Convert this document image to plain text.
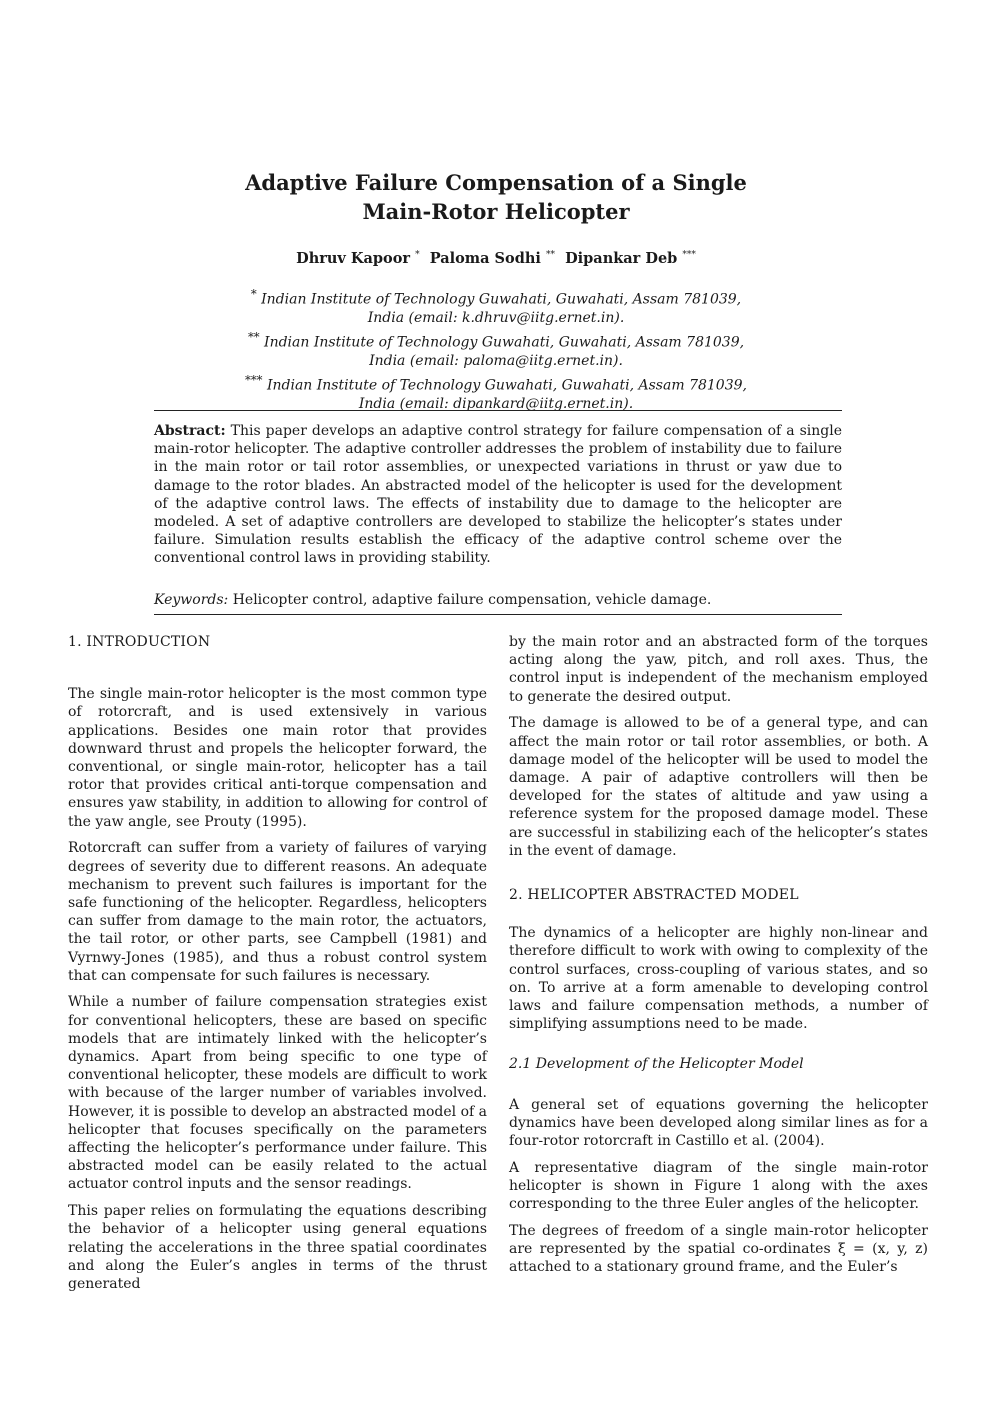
Adaptive Failure Compensation of a Single
Main-Rotor Helicopter
Dhruv Kapoor * Paloma Sodhi ** Dipankar Deb ***
* Indian Institute of Technology Guwahati, Guwahati, Assam 781039,
India (email: k.dhruv@iitg.ernet.in).
** Indian Institute of Technology Guwahati, Guwahati, Assam 781039,
India (email: paloma@iitg.ernet.in).
*** Indian Institute of Technology Guwahati, Guwahati, Assam 781039,
India (email: dipankard@iitg.ernet.in).
Abstract: This paper develops an adaptive control strategy for failure compensation of a single main-rotor helicopter. The adaptive controller addresses the problem of instability due to failure in the main rotor or tail rotor assemblies, or unexpected variations in thrust or yaw due to damage to the rotor blades. An abstracted model of the helicopter is used for the development of the adaptive control laws. The effects of instability due to damage to the helicopter are modeled. A set of adaptive controllers are developed to stabilize the helicopter’s states under failure. Simulation results establish the efficacy of the adaptive control scheme over the conventional control laws in providing stability.
Keywords: Helicopter control, adaptive failure compensation, vehicle damage.

1. INTRODUCTION

The single main-rotor helicopter is the most common type of rotorcraft, and is used extensively in various applications. Besides one main rotor that provides downward thrust and propels the helicopter forward, the conventional, or single main-rotor, helicopter has a tail rotor that provides critical anti-torque compensation and ensures yaw stability, in addition to allowing for control of the yaw angle, see Prouty (1995).

Rotorcraft can suffer from a variety of failures of varying degrees of severity due to different reasons. An adequate mechanism to prevent such failures is important for the safe functioning of the helicopter. Regardless, helicopters can suffer from damage to the main rotor, the actuators, the tail rotor, or other parts, see Campbell (1981) and Vyrnwy-Jones (1985), and thus a robust control system that can compensate for such failures is necessary.

While a number of failure compensation strategies exist for conventional helicopters, these are based on specific models that are intimately linked with the helicopter’s dynamics. Apart from being specific to one type of conventional helicopter, these models are difficult to work with because of the larger number of variables involved. However, it is possible to develop an abstracted model of a helicopter that focuses specifically on the parameters affecting the helicopter’s performance under failure. This abstracted model can be easily related to the actual actuator control inputs and the sensor readings.

This paper relies on formulating the equations describing the behavior of a helicopter using general equations relating the accelerations in the three spatial coordinates and along the Euler’s angles in terms of the thrust generated

by the main rotor and an abstracted form of the torques acting along the yaw, pitch, and roll axes. Thus, the control input is independent of the mechanism employed to generate the desired output.

The damage is allowed to be of a general type, and can affect the main rotor or tail rotor assemblies, or both. A damage model of the helicopter will be used to model the damage. A pair of adaptive controllers will then be developed for the states of altitude and yaw using a reference system for the proposed damage model. These are successful in stabilizing each of the helicopter’s states in the event of damage.

2. HELICOPTER ABSTRACTED MODEL

The dynamics of a helicopter are highly non-linear and therefore difficult to work with owing to complexity of the control surfaces, cross-coupling of various states, and so on. To arrive at a form amenable to developing control laws and failure compensation methods, a number of simplifying assumptions need to be made.

2.1 Development of the Helicopter Model

A general set of equations governing the helicopter dynamics have been developed along similar lines as for a four-rotor rotorcraft in Castillo et al. (2004).

A representative diagram of the single main-rotor helicopter is shown in Figure 1 along with the axes corresponding to the three Euler angles of the helicopter.

The degrees of freedom of a single main-rotor helicopter are represented by the spatial co-ordinates ξ = (x, y, z) attached to a stationary ground frame, and the Euler’s
